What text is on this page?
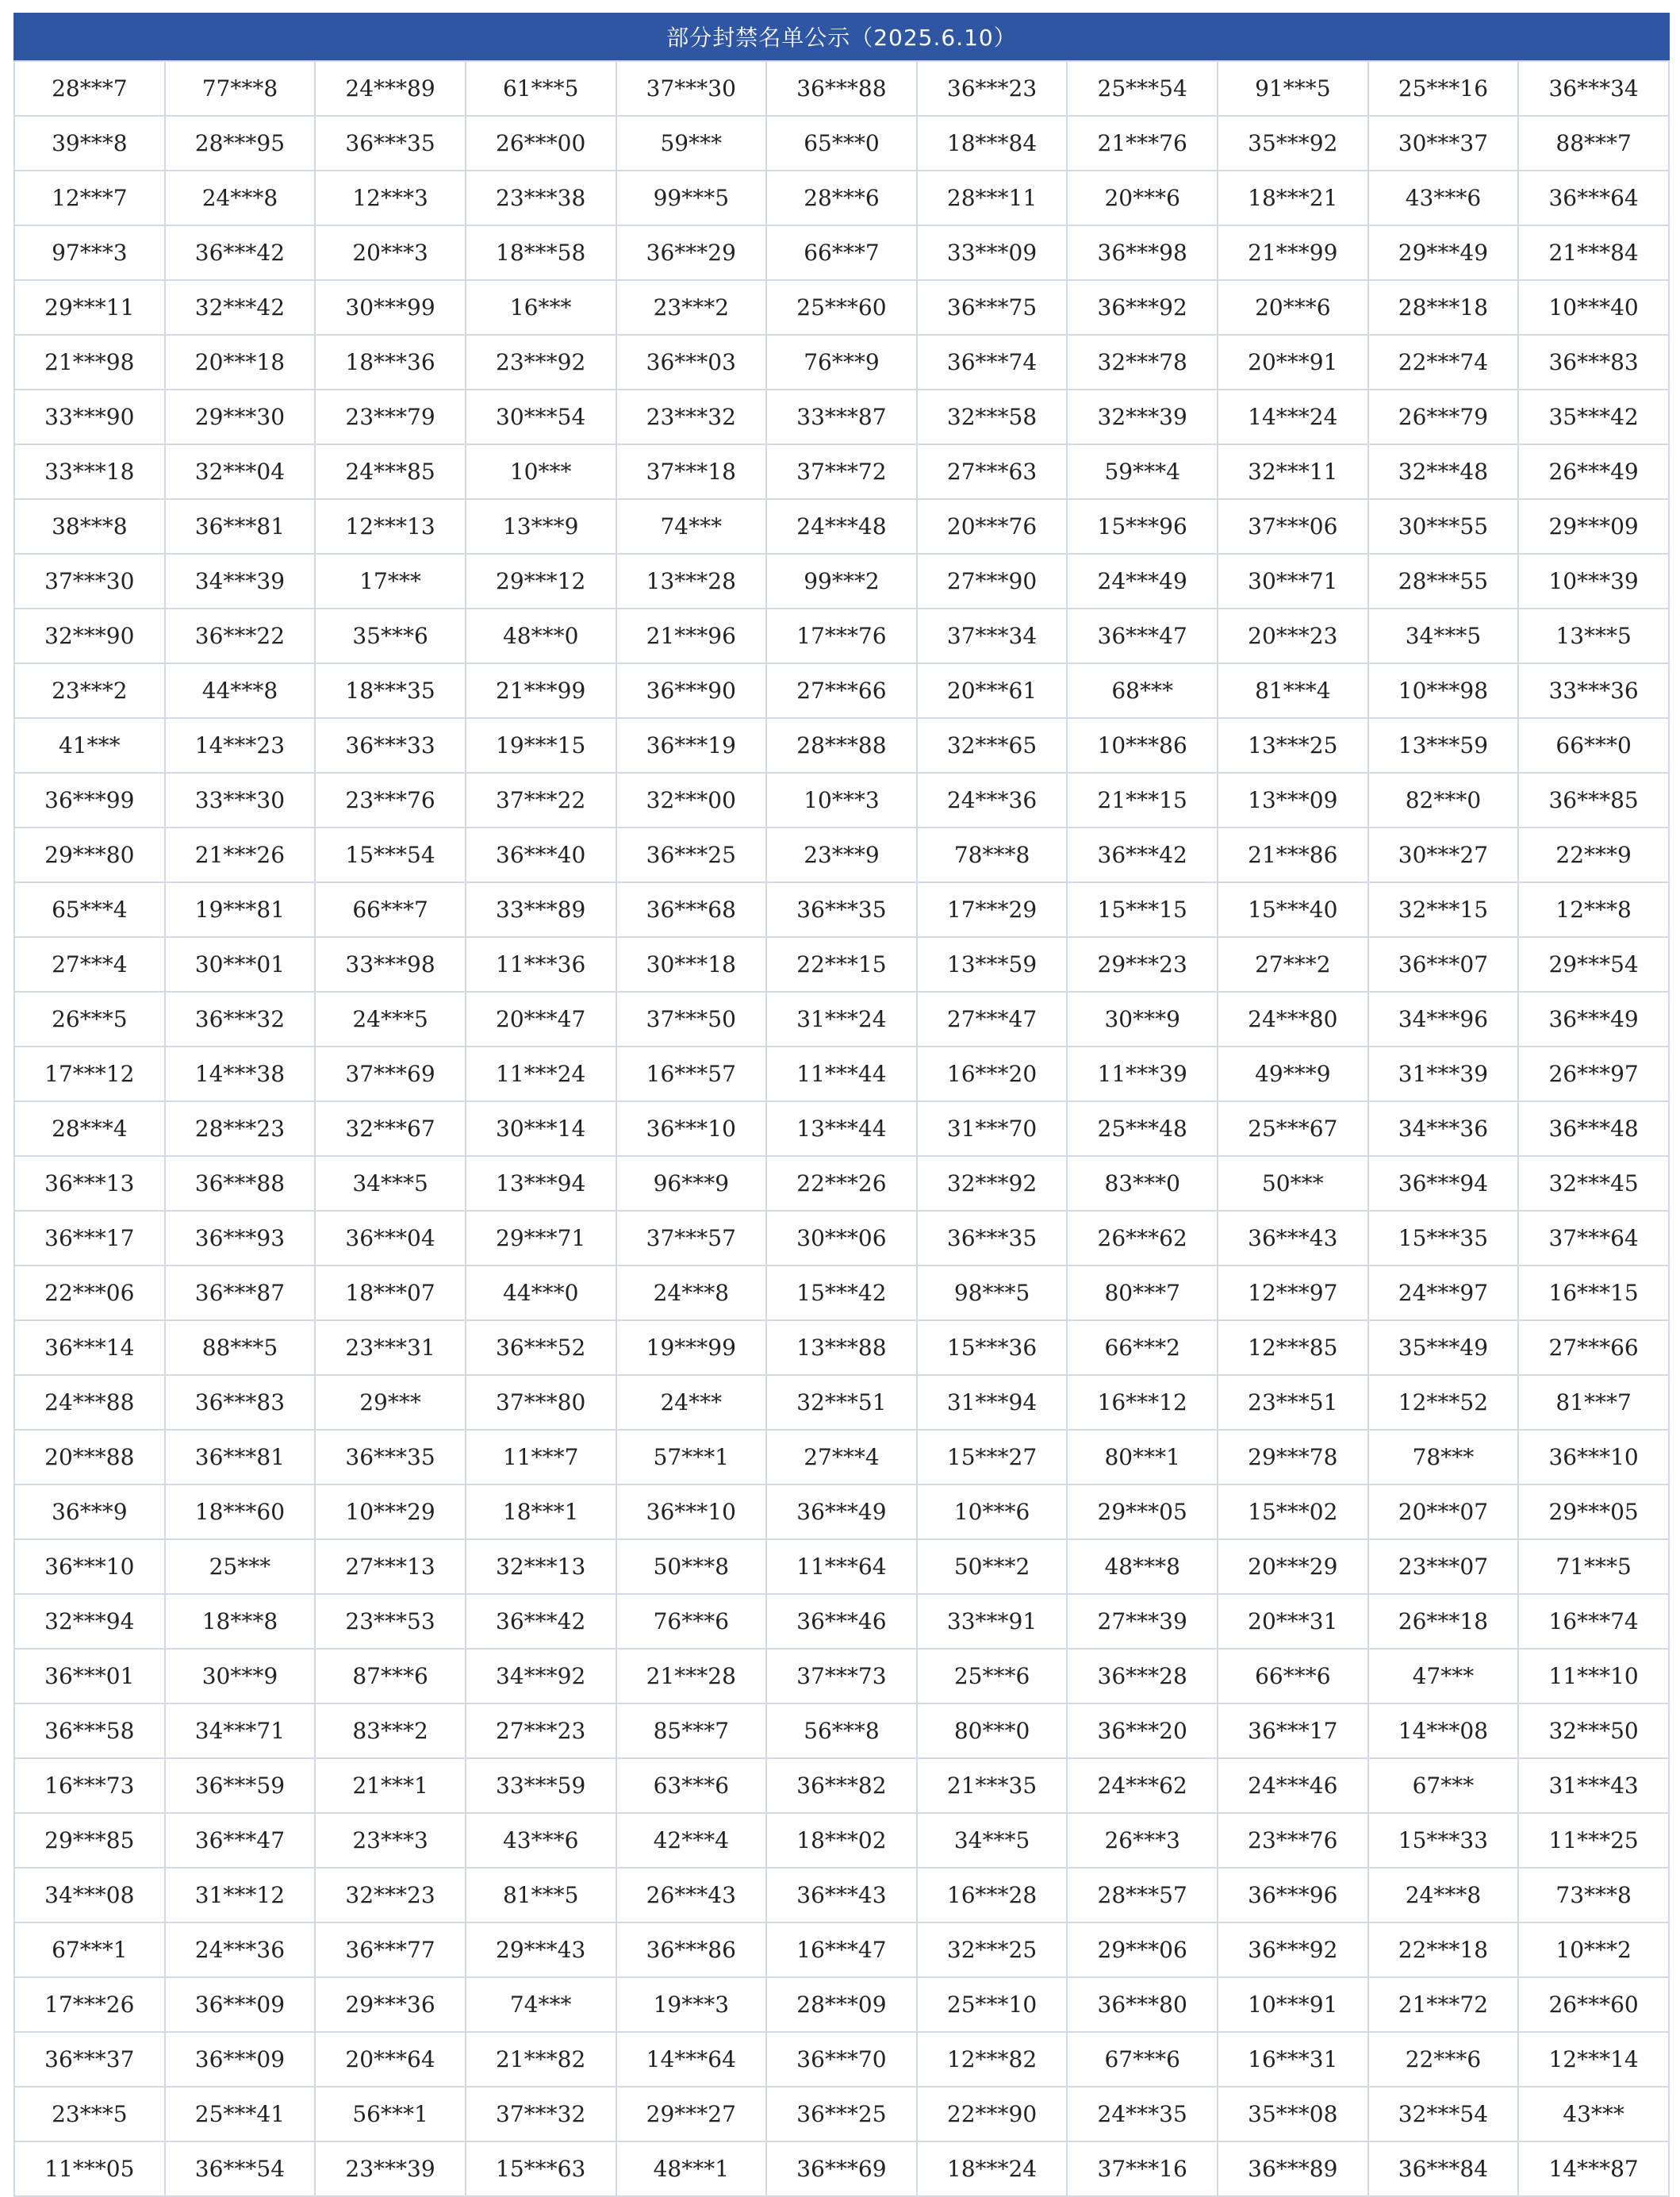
部分封禁名单公示（2025.6.10）
28***7	77***8	24***89	61***5	37***30	36***88	36***23	25***54	91***5	25***16	36***34
39***8	28***95	36***35	26***00	59***	65***0	18***84	21***76	35***92	30***37	88***7
12***7	24***8	12***3	23***38	99***5	28***6	28***11	20***6	18***21	43***6	36***64
97***3	36***42	20***3	18***58	36***29	66***7	33***09	36***98	21***99	29***49	21***84
29***11	32***42	30***99	16***	23***2	25***60	36***75	36***92	20***6	28***18	10***40
21***98	20***18	18***36	23***92	36***03	76***9	36***74	32***78	20***91	22***74	36***83
33***90	29***30	23***79	30***54	23***32	33***87	32***58	32***39	14***24	26***79	35***42
33***18	32***04	24***85	10***	37***18	37***72	27***63	59***4	32***11	32***48	26***49
38***8	36***81	12***13	13***9	74***	24***48	20***76	15***96	37***06	30***55	29***09
37***30	34***39	17***	29***12	13***28	99***2	27***90	24***49	30***71	28***55	10***39
32***90	36***22	35***6	48***0	21***96	17***76	37***34	36***47	20***23	34***5	13***5
23***2	44***8	18***35	21***99	36***90	27***66	20***61	68***	81***4	10***98	33***36
41***	14***23	36***33	19***15	36***19	28***88	32***65	10***86	13***25	13***59	66***0
36***99	33***30	23***76	37***22	32***00	10***3	24***36	21***15	13***09	82***0	36***85
29***80	21***26	15***54	36***40	36***25	23***9	78***8	36***42	21***86	30***27	22***9
65***4	19***81	66***7	33***89	36***68	36***35	17***29	15***15	15***40	32***15	12***8
27***4	30***01	33***98	11***36	30***18	22***15	13***59	29***23	27***2	36***07	29***54
26***5	36***32	24***5	20***47	37***50	31***24	27***47	30***9	24***80	34***96	36***49
17***12	14***38	37***69	11***24	16***57	11***44	16***20	11***39	49***9	31***39	26***97
28***4	28***23	32***67	30***14	36***10	13***44	31***70	25***48	25***67	34***36	36***48
36***13	36***88	34***5	13***94	96***9	22***26	32***92	83***0	50***	36***94	32***45
36***17	36***93	36***04	29***71	37***57	30***06	36***35	26***62	36***43	15***35	37***64
22***06	36***87	18***07	44***0	24***8	15***42	98***5	80***7	12***97	24***97	16***15
36***14	88***5	23***31	36***52	19***99	13***88	15***36	66***2	12***85	35***49	27***66
24***88	36***83	29***	37***80	24***	32***51	31***94	16***12	23***51	12***52	81***7
20***88	36***81	36***35	11***7	57***1	27***4	15***27	80***1	29***78	78***	36***10
36***9	18***60	10***29	18***1	36***10	36***49	10***6	29***05	15***02	20***07	29***05
36***10	25***	27***13	32***13	50***8	11***64	50***2	48***8	20***29	23***07	71***5
32***94	18***8	23***53	36***42	76***6	36***46	33***91	27***39	20***31	26***18	16***74
36***01	30***9	87***6	34***92	21***28	37***73	25***6	36***28	66***6	47***	11***10
36***58	34***71	83***2	27***23	85***7	56***8	80***0	36***20	36***17	14***08	32***50
16***73	36***59	21***1	33***59	63***6	36***82	21***35	24***62	24***46	67***	31***43
29***85	36***47	23***3	43***6	42***4	18***02	34***5	26***3	23***76	15***33	11***25
34***08	31***12	32***23	81***5	26***43	36***43	16***28	28***57	36***96	24***8	73***8
67***1	24***36	36***77	29***43	36***86	16***47	32***25	29***06	36***92	22***18	10***2
17***26	36***09	29***36	74***	19***3	28***09	25***10	36***80	10***91	21***72	26***60
36***37	36***09	20***64	21***82	14***64	36***70	12***82	67***6	16***31	22***6	12***14
23***5	25***41	56***1	37***32	29***27	36***25	22***90	24***35	35***08	32***54	43***
11***05	36***54	23***39	15***63	48***1	36***69	18***24	37***16	36***89	36***84	14***87
